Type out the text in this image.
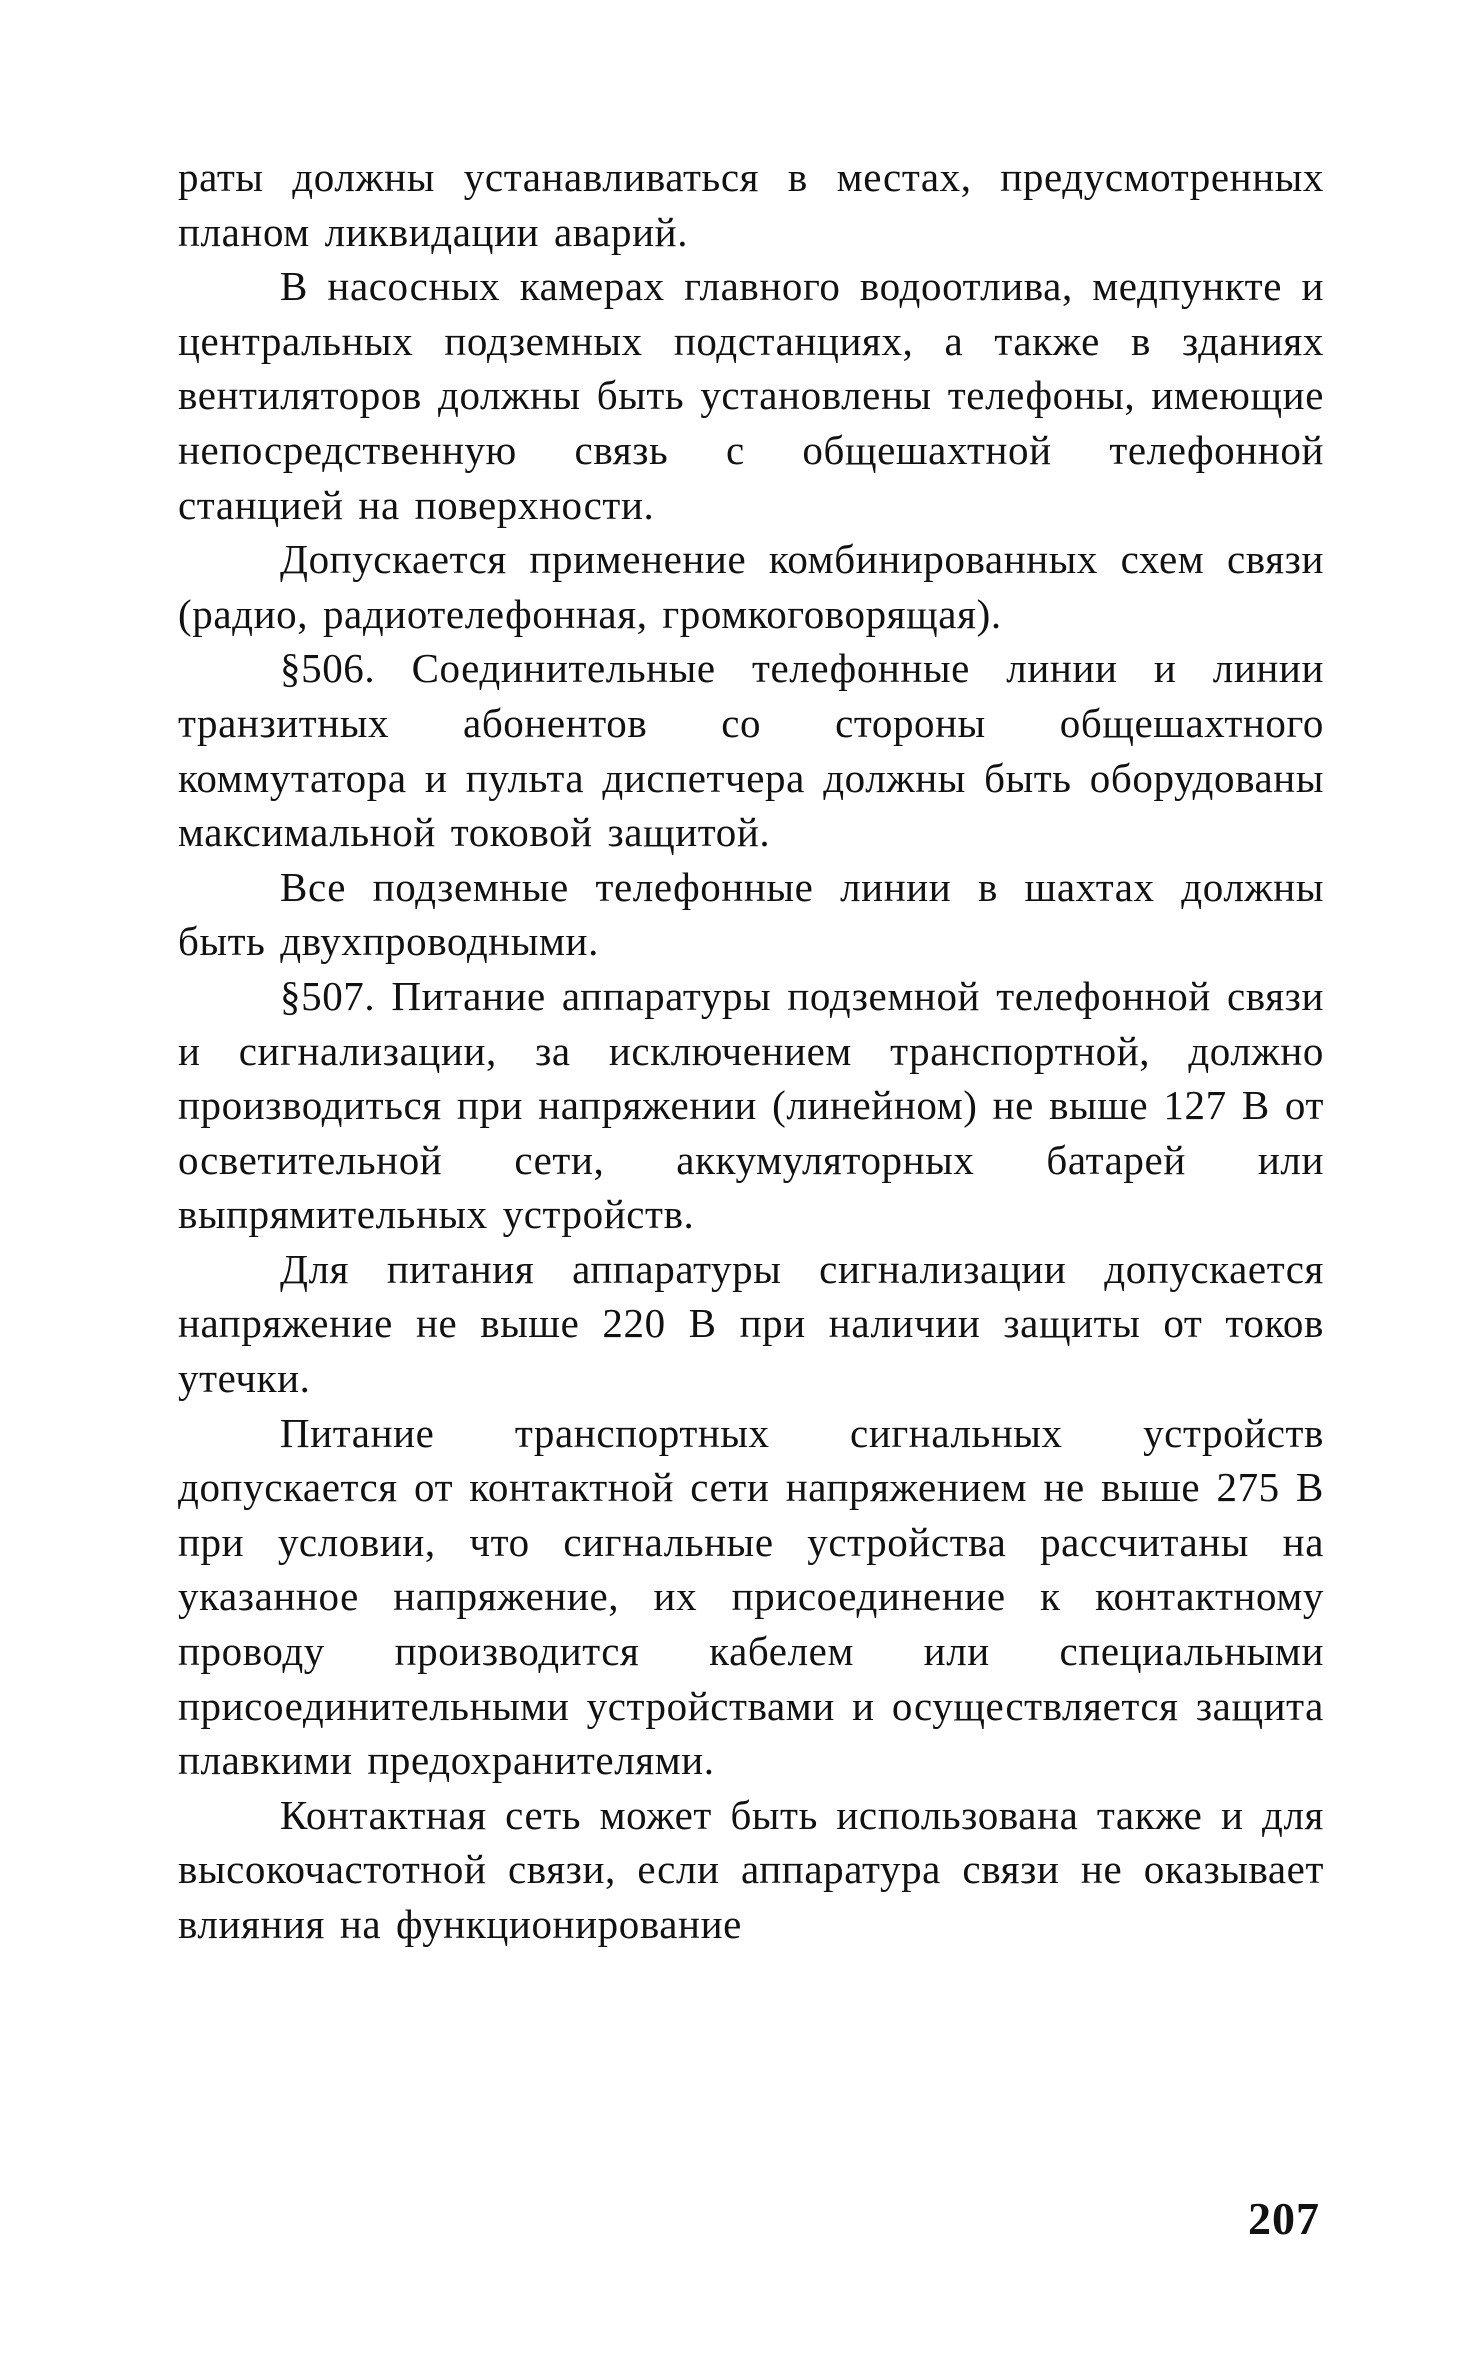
раты должны устанавливаться в местах, предусмотренных планом ликвидации аварий.

В насосных камерах главного водоотлива, медпункте и центральных подземных подстанциях, а также в зданиях вентиляторов должны быть установлены телефоны, имеющие непосредственную связь с общешахтной телефонной станцией на поверхности.

Допускается применение комбинированных схем связи (радио, радиотелефонная, громкоговорящая).

§506. Соединительные телефонные линии и линии транзитных абонентов со стороны общешахтного коммутатора и пульта диспетчера должны быть оборудованы максимальной токовой защитой.

Все подземные телефонные линии в шахтах должны быть двухпроводными.

§507. Питание аппаратуры подземной телефонной связи и сигнализации, за исключением транспортной, должно производиться при напряжении (линейном) не выше 127 В от осветительной сети, аккумуляторных батарей или выпрямительных устройств.

Для питания аппаратуры сигнализации допускается напряжение не выше 220 В при наличии защиты от токов утечки.

Питание транспортных сигнальных устройств допускается от контактной сети напряжением не выше 275 В при условии, что сигнальные устройства рассчитаны на указанное напряжение, их присоединение к контактному проводу производится кабелем или специальными присоединительными устройствами и осуществляется защита плавкими предохранителями.

Контактная сеть может быть использована также и для высокочастотной связи, если аппаратура связи не оказывает влияния на функционирование

207
